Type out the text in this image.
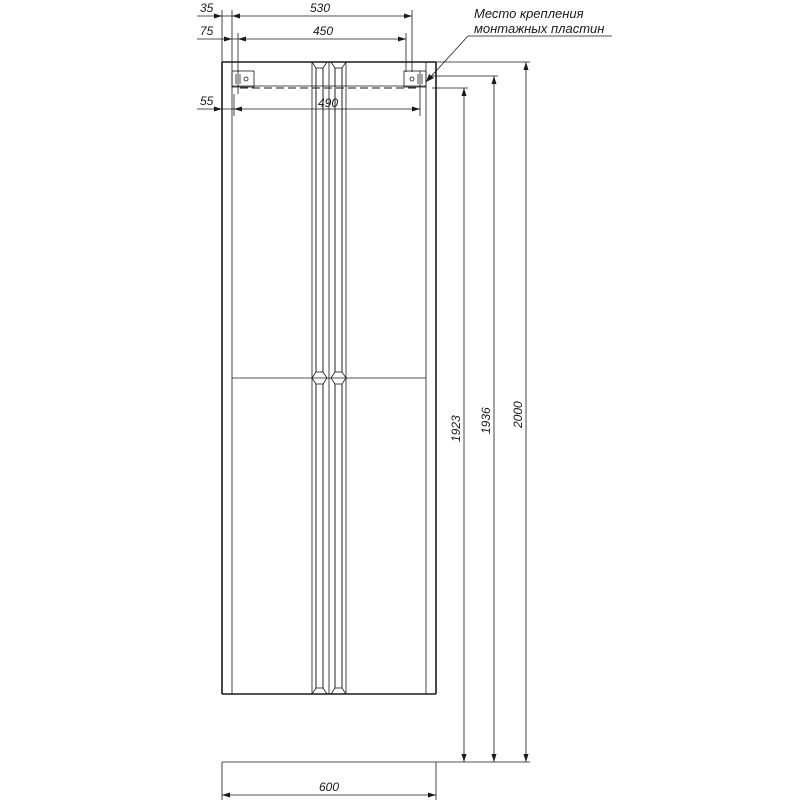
35	530
75	450
55	490
Место крепления
монтажных пластин
1923 1936 2000
600
